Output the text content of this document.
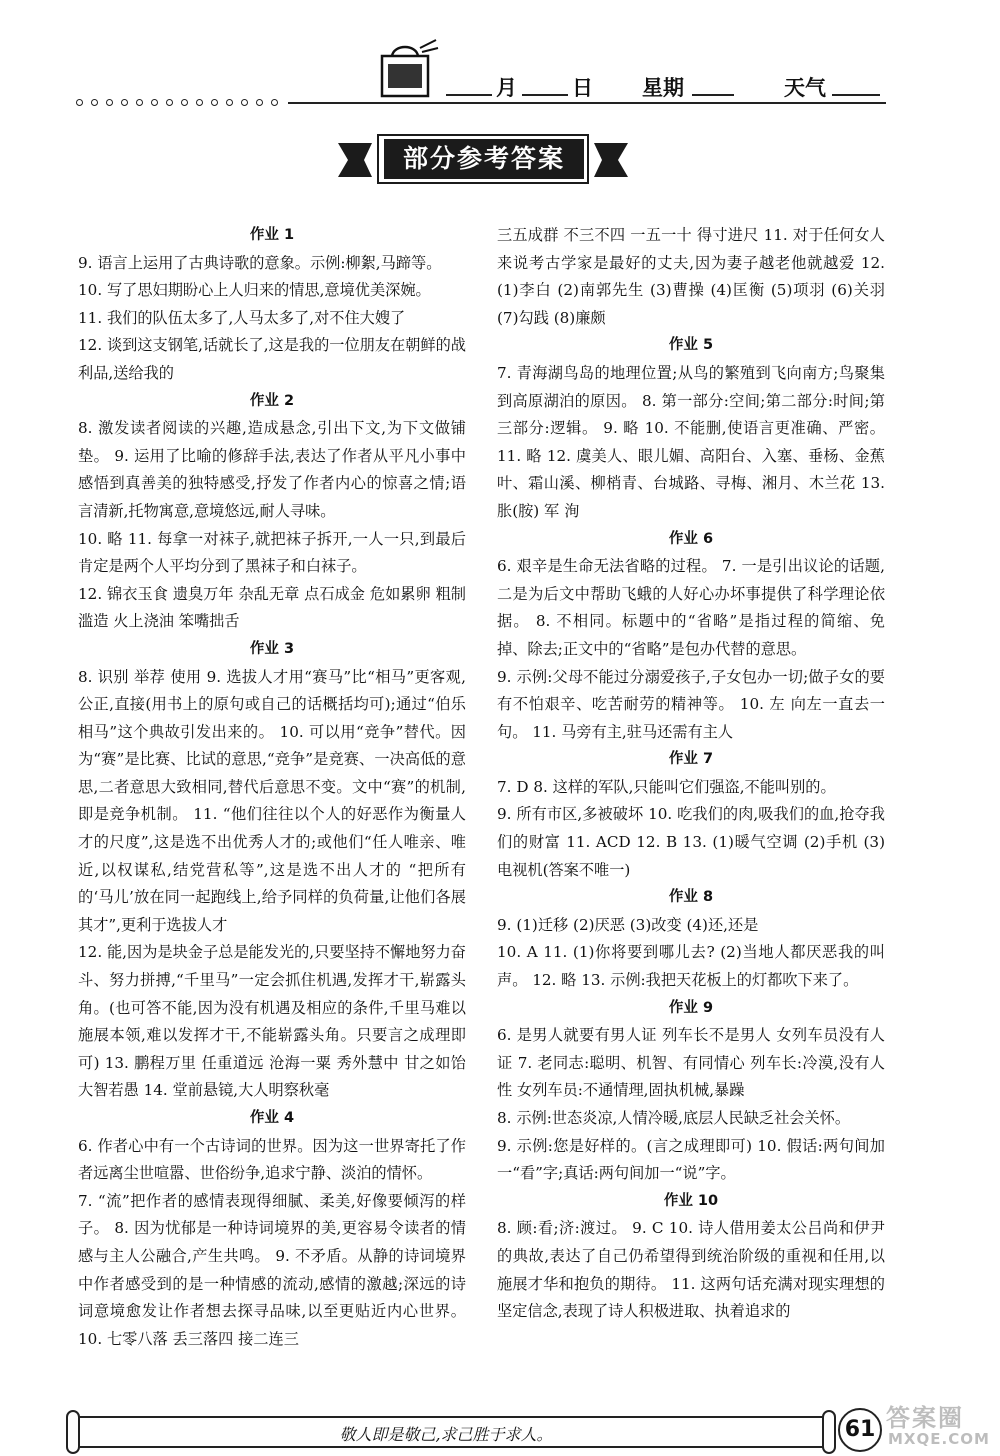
月	日 星期	天气
部分参考答案
作业 1

9. 语言上运用了古典诗歌的意象。示例:柳絮,马蹄等。

10. 写了思妇期盼心上人归来的情思,意境优美深婉。

11. 我们的队伍太多了,人马太多了,对不住大嫂了

12. 谈到这支钢笔,话就长了,这是我的一位朋友在朝鲜的战利品,送给我的

作业 2

8. 激发读者阅读的兴趣,造成悬念,引出下文,为下文做铺垫。 9. 运用了比喻的修辞手法,表达了作者从平凡小事中感悟到真善美的独特感受,抒发了作者内心的惊喜之情;语言清新,托物寓意,意境悠远,耐人寻味。

10. 略 11. 每拿一对袜子,就把袜子拆开,一人一只,到最后肯定是两个人平均分到了黑袜子和白袜子。

12. 锦衣玉食 遗臭万年 杂乱无章 点石成金 危如累卵 粗制滥造 火上浇油 笨嘴拙舌

作业 3

8. 识别 举荐 使用 9. 选拔人才用“赛马”比“相马”更客观,公正,直接(用书上的原句或自己的话概括均可);通过“伯乐相马”这个典故引发出来的。 10. 可以用“竞争”替代。因为“赛”是比赛、比试的意思,“竞争”是竞赛、一决高低的意思,二者意思大致相同,替代后意思不变。文中“赛”的机制,即是竞争机制。 11. “他们往往以个人的好恶作为衡量人才的尺度”,这是选不出优秀人才的;或他们“任人唯亲、唯近,以权谋私,结党营私等”,这是选不出人才的 “把所有的‘马儿’放在同一起跑线上,给予同样的负荷量,让他们各展其才”,更利于选拔人才

12. 能,因为是块金子总是能发光的,只要坚持不懈地努力奋斗、努力拼搏,“千里马”一定会抓住机遇,发挥才干,崭露头角。(也可答不能,因为没有机遇及相应的条件,千里马难以施展本领,难以发挥才干,不能崭露头角。只要言之成理即可) 13. 鹏程万里 任重道远 沧海一粟 秀外慧中 甘之如饴 大智若愚 14. 堂前悬镜,大人明察秋毫

作业 4

6. 作者心中有一个古诗词的世界。因为这一世界寄托了作者远离尘世喧嚣、世俗纷争,追求宁静、淡泊的情怀。

7. “流”把作者的感情表现得细腻、柔美,好像要倾泻的样子。 8. 因为忧郁是一种诗词境界的美,更容易令读者的情感与主人公融合,产生共鸣。 9. 不矛盾。从静的诗词境界中作者感受到的是一种情感的流动,感情的激越;深远的诗词意境愈发让作者想去探寻品味,以至更贴近内心世界。 10. 七零八落 丢三落四 接二连三

三五成群 不三不四 一五一十 得寸进尺 11. 对于任何女人来说考古学家是最好的丈夫,因为妻子越老他就越爱 12. (1)李白 (2)南郭先生 (3)曹操 (4)匡衡 (5)项羽 (6)关羽 (7)勾践 (8)廉颇

作业 5

7. 青海湖鸟岛的地理位置;从鸟的繁殖到飞向南方;鸟聚集到高原湖泊的原因。 8. 第一部分:空间;第二部分:时间;第三部分:逻辑。 9. 略 10. 不能删,使语言更准确、严密。 11. 略 12. 虞美人、眼儿媚、高阳台、入塞、垂杨、金蕉叶、霜山溪、柳梢青、台城路、寻梅、湘月、木兰花 13. 胀(胺) 军 洵

作业 6

6. 艰辛是生命无法省略的过程。 7. 一是引出议论的话题,二是为后文中帮助飞蛾的人好心办坏事提供了科学理论依据。 8. 不相同。标题中的“省略”是指过程的简缩、免掉、除去;正文中的“省略”是包办代替的意思。

9. 示例:父母不能过分溺爱孩子,子女包办一切;做子女的要有不怕艰辛、吃苦耐劳的精神等。 10. 左 向左一直去一句。 11. 马旁有主,驻马还需有主人

作业 7

7. D 8. 这样的军队,只能叫它们强盗,不能叫别的。

9. 所有市区,多被破坏 10. 吃我们的肉,吸我们的血,抢夺我们的财富 11. ACD 12. B 13. (1)暖气空调 (2)手机 (3)电视机(答案不唯一)

作业 8

9. (1)迁移 (2)厌恶 (3)改变 (4)还,还是

10. A 11. (1)你将要到哪儿去? (2)当地人都厌恶我的叫声。 12. 略 13. 示例:我把天花板上的灯都吹下来了。

作业 9

6. 是男人就要有男人证 列车长不是男人 女列车员没有人证 7. 老同志:聪明、机智、有同情心 列车长:冷漠,没有人性 女列车员:不通情理,固执机械,暴躁

8. 示例:世态炎凉,人情冷暖,底层人民缺乏社会关怀。

9. 示例:您是好样的。(言之成理即可) 10. 假话:两句间加一“看”字;真话:两句间加一“说”字。

作业 10

8. 顾:看;济:渡过。 9. C 10. 诗人借用姜太公吕尚和伊尹的典故,表达了自己仍希望得到统治阶级的重视和任用,以施展才华和抱负的期待。 11. 这两句话充满对现实理想的坚定信念,表现了诗人积极进取、执着追求的

敬人即是敬己,求己胜于求人。	61 答案圈
MXQE.COM
